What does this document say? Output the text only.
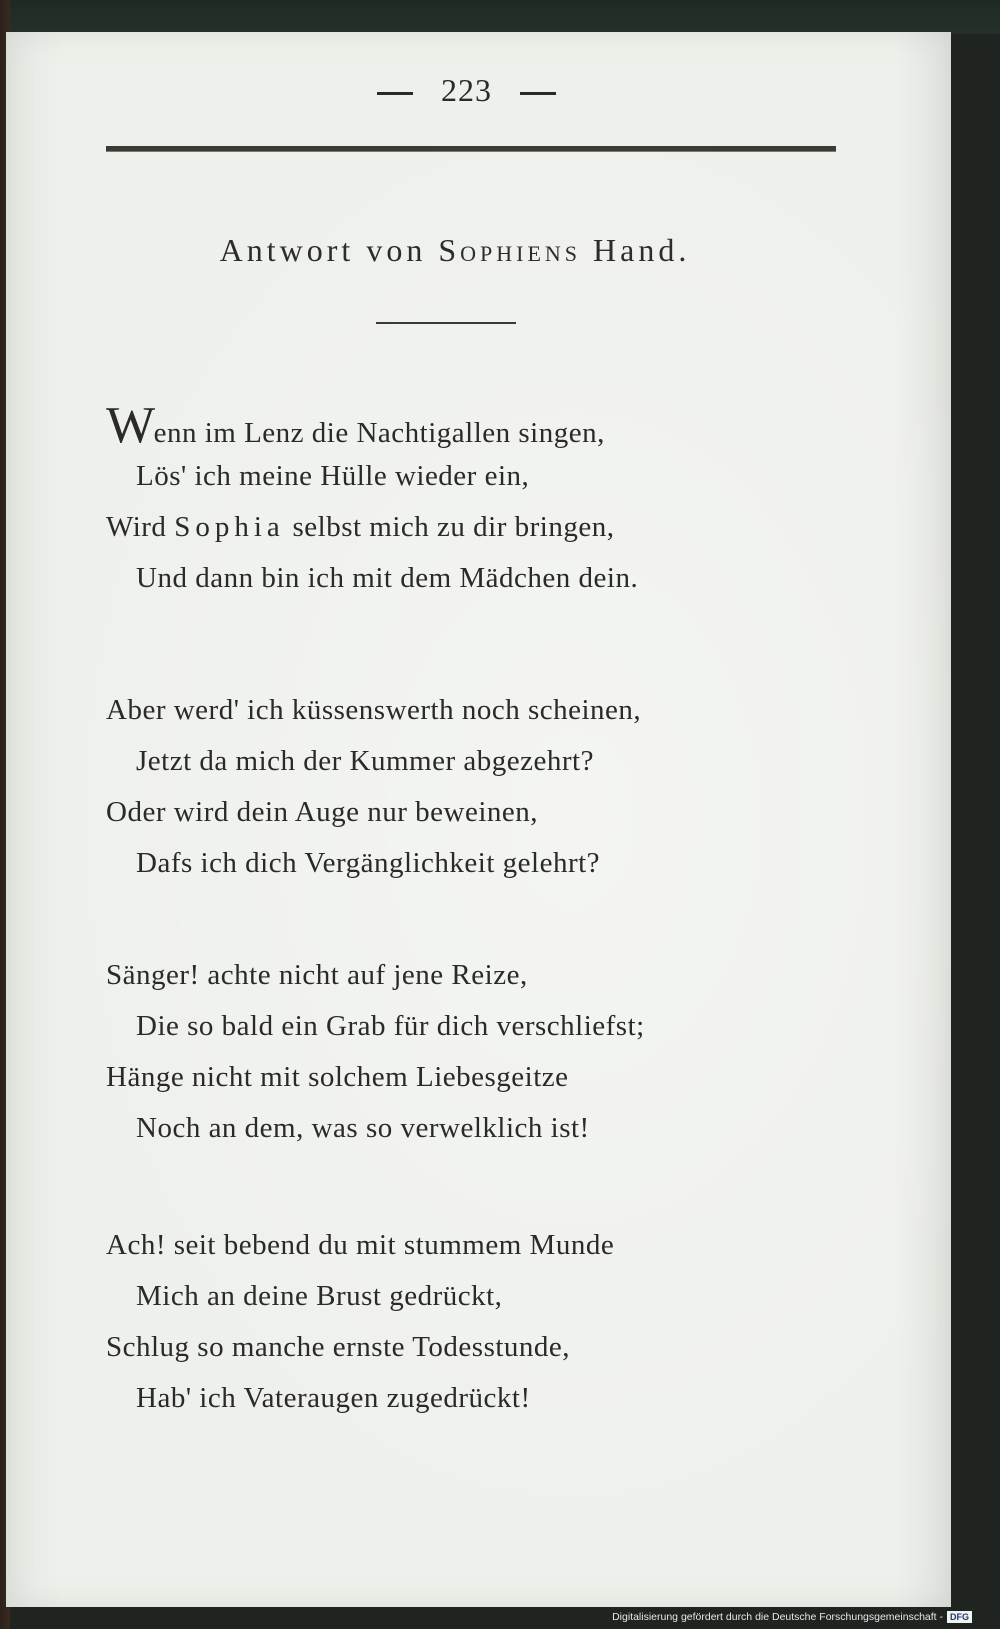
223
Antwort von Sophiens Hand.
Wenn im Lenz die Nachtigallen singen,
Lös' ich meine Hülle wieder ein,
Wird Sophia selbst mich zu dir bringen,
Und dann bin ich mit dem Mädchen dein.
Aber werd' ich küssenswerth noch scheinen,
Jetzt da mich der Kummer abgezehrt?
Oder wird dein Auge nur beweinen,
Dafs ich dich Vergänglichkeit gelehrt?
Sänger! achte nicht auf jene Reize,
Die so bald ein Grab für dich verschliefst;
Hänge nicht mit solchem Liebesgeitze
Noch an dem, was so verwelklich ist!
Ach! seit bebend du mit stummem Munde
Mich an deine Brust gedrückt,
Schlug so manche ernste Todesstunde,
Hab' ich Vateraugen zugedrückt!
Digitalisierung gefördert durch die Deutsche Forschungsgemeinschaft - DFG
